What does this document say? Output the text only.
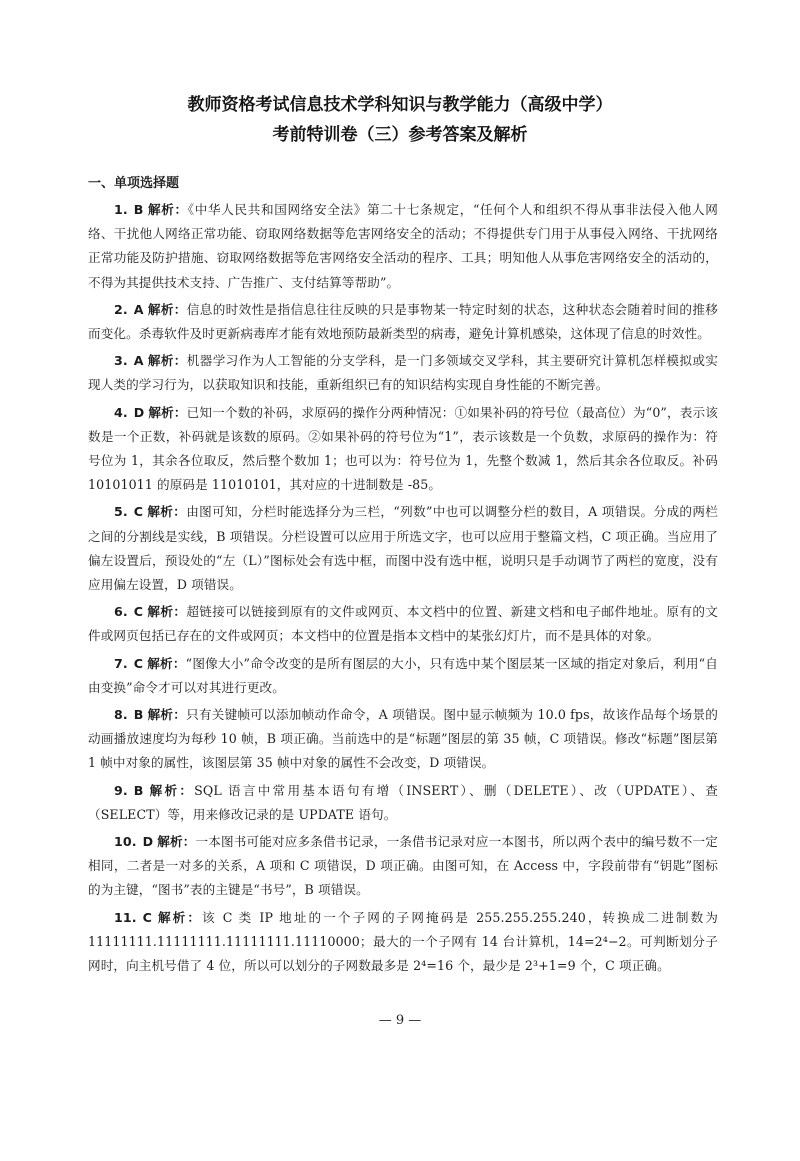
教师资格考试信息技术学科知识与教学能力（高级中学）
考前特训卷（三）参考答案及解析
一、单项选择题

1. B 解析：《中华人民共和国网络安全法》第二十七条规定，“任何个人和组织不得从事非法侵入他人网络、干扰他人网络正常功能、窃取网络数据等危害网络安全的活动；不得提供专门用于从事侵入网络、干扰网络正常功能及防护措施、窃取网络数据等危害网络安全活动的程序、工具；明知他人从事危害网络安全的活动的，不得为其提供技术支持、广告推广、支付结算等帮助”。

2. A 解析：信息的时效性是指信息往往反映的只是事物某一特定时刻的状态，这种状态会随着时间的推移而变化。杀毒软件及时更新病毒库才能有效地预防最新类型的病毒，避免计算机感染，这体现了信息的时效性。

3. A 解析：机器学习作为人工智能的分支学科，是一门多领域交叉学科，其主要研究计算机怎样模拟或实现人类的学习行为，以获取知识和技能，重新组织已有的知识结构实现自身性能的不断完善。

4. D 解析：已知一个数的补码，求原码的操作分两种情况：①如果补码的符号位（最高位）为“0”，表示该数是一个正数，补码就是该数的原码。②如果补码的符号位为“1”，表示该数是一个负数，求原码的操作为：符号位为 1，其余各位取反，然后整个数加 1；也可以为：符号位为 1，先整个数减 1，然后其余各位取反。补码 10101011 的原码是 11010101，其对应的十进制数是 -85。

5. C 解析：由图可知，分栏时能选择分为三栏，“列数”中也可以调整分栏的数目，A 项错误。分成的两栏之间的分割线是实线，B 项错误。分栏设置可以应用于所选文字，也可以应用于整篇文档，C 项正确。当应用了偏左设置后，预设处的“左（L）”图标处会有选中框，而图中没有选中框，说明只是手动调节了两栏的宽度，没有应用偏左设置，D 项错误。

6. C 解析：超链接可以链接到原有的文件或网页、本文档中的位置、新建文档和电子邮件地址。原有的文件或网页包括已存在的文件或网页；本文档中的位置是指本文档中的某张幻灯片，而不是具体的对象。

7. C 解析：“图像大小”命令改变的是所有图层的大小，只有选中某个图层某一区域的指定对象后，利用“自由变换”命令才可以对其进行更改。

8. B 解析：只有关键帧可以添加帧动作命令，A 项错误。图中显示帧频为 10.0 fps，故该作品每个场景的动画播放速度均为每秒 10 帧，B 项正确。当前选中的是“标题”图层的第 35 帧，C 项错误。修改“标题”图层第 1 帧中对象的属性，该图层第 35 帧中对象的属性不会改变，D 项错误。

9. B 解析：SQL 语言中常用基本语句有增（INSERT）、删（DELETE）、改（UPDATE）、查（SELECT）等，用来修改记录的是 UPDATE 语句。

10. D 解析：一本图书可能对应多条借书记录，一条借书记录对应一本图书，所以两个表中的编号数不一定相同，二者是一对多的关系，A 项和 C 项错误，D 项正确。由图可知，在 Access 中，字段前带有“钥匙”图标的为主键，“图书”表的主键是“书号”，B 项错误。

11. C 解析：该 C 类 IP 地址的一个子网的子网掩码是 255.255.255.240，转换成二进制数为 11111111.11111111.11111111.11110000；最大的一个子网有 14 台计算机，14=2⁴−2。可判断划分子网时，向主机号借了 4 位，所以可以划分的子网数最多是 2⁴=16 个，最少是 2³+1=9 个，C 项正确。

— 9 —
